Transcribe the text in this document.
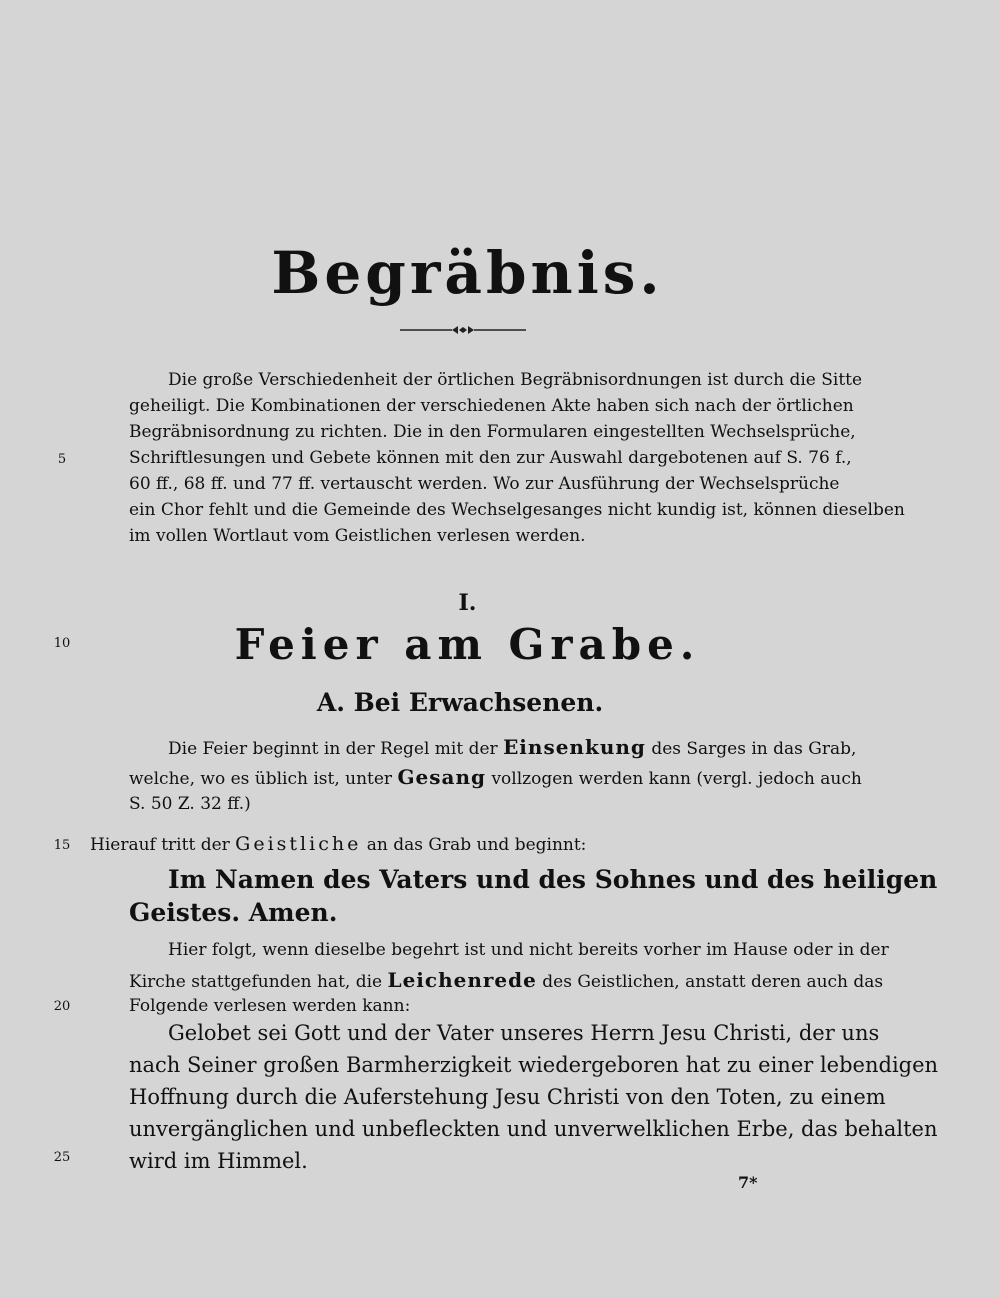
Begräbnis.
Die große Verschiedenheit der örtlichen Begräbnisordnungen ist durch die Sitte
geheiligt. Die Kombinationen der verschiedenen Akte haben sich nach der örtlichen
Begräbnisordnung zu richten. Die in den Formularen eingestellten Wechselsprüche,
Schriftlesungen und Gebete können mit den zur Auswahl dargebotenen auf S. 76 f.,
60 ff., 68 ff. und 77 ff. vertauscht werden. Wo zur Ausführung der Wechselsprüche
ein Chor fehlt und die Gemeinde des Wechselgesanges nicht kundig ist, können dieselben
im vollen Wortlaut vom Geistlichen verlesen werden.
I.
Feier am Grabe.
A. Bei Erwachsenen.
Die Feier beginnt in der Regel mit der Einsenkung des Sarges in das Grab,
welche, wo es üblich ist, unter Gesang vollzogen werden kann (vergl. jedoch auch
S. 50 Z. 32 ff.)
Hierauf tritt der Geistliche an das Grab und beginnt:
Im Namen des Vaters und des Sohnes und des heiligen
Geistes. Amen.
Hier folgt, wenn dieselbe begehrt ist und nicht bereits vorher im Hause oder in der
Kirche stattgefunden hat, die Leichenrede des Geistlichen, anstatt deren auch das
Folgende verlesen werden kann:
Gelobet sei Gott und der Vater unseres Herrn Jesu Christi, der uns
nach Seiner großen Barmherzigkeit wiedergeboren hat zu einer lebendigen
Hoffnung durch die Auferstehung Jesu Christi von den Toten, zu einem
unvergänglichen und unbefleckten und unverwelklichen Erbe, das behalten
wird im Himmel.
5
10
15
20
25
7*
